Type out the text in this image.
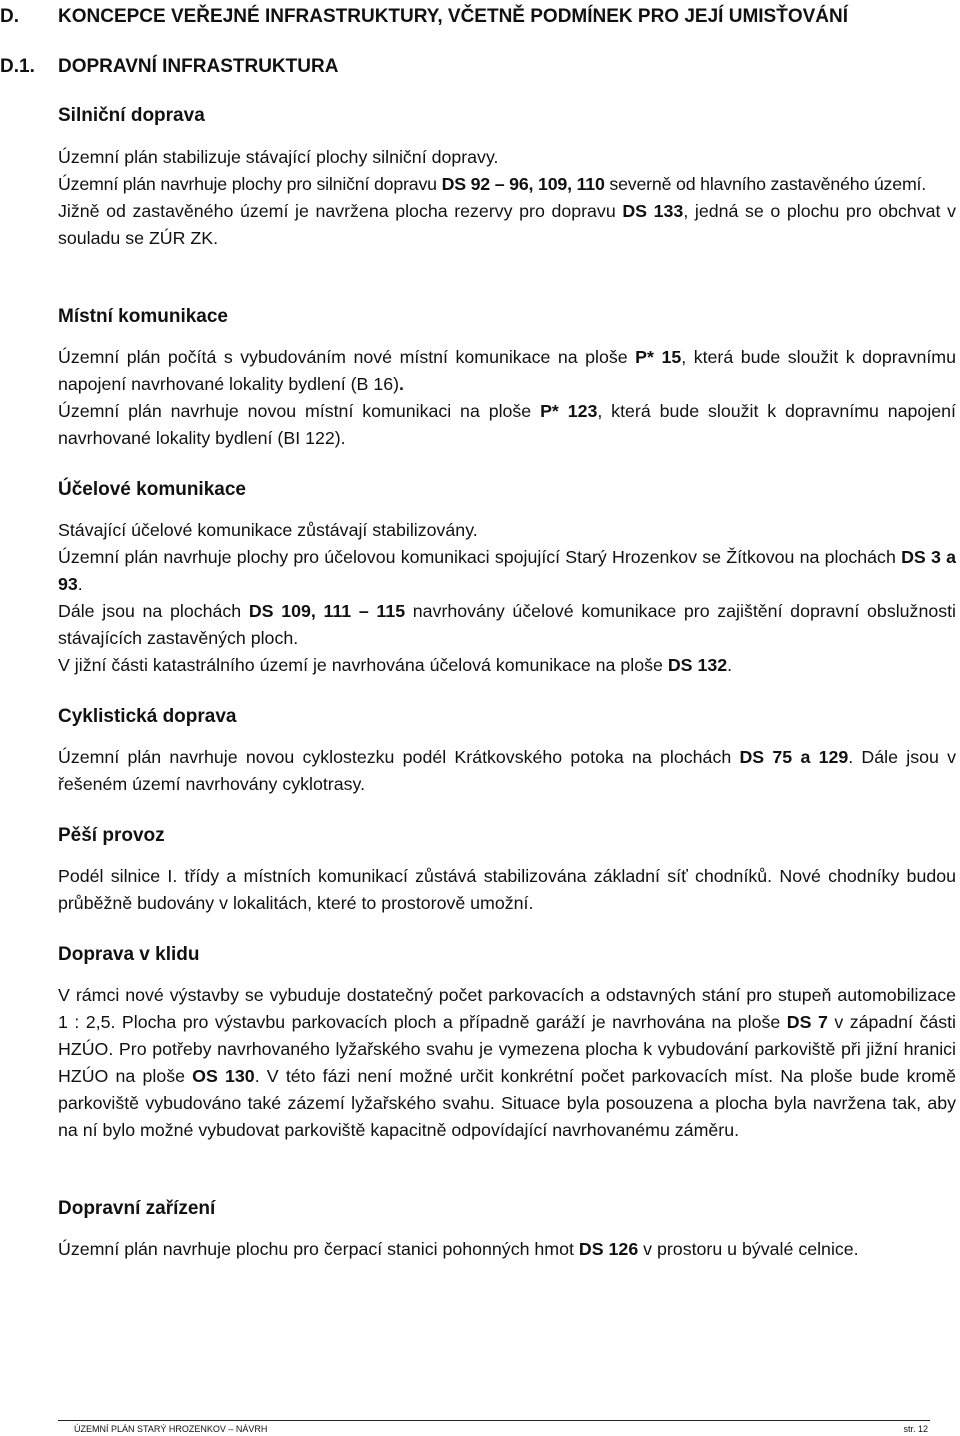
D. KONCEPCE VEŘEJNÉ INFRASTRUKTURY, VČETNĚ PODMÍNEK PRO JEJÍ UMISŤOVÁNÍ
D.1. DOPRAVNÍ INFRASTRUKTURA
Silniční doprava

Územní plán stabilizuje stávající plochy silniční dopravy.

Územní plán navrhuje plochy pro silniční dopravu DS 92 – 96, 109, 110 severně od hlavního zastavěného území.

Jižně od zastavěného území je navržena plocha rezervy pro dopravu DS 133, jedná se o plochu pro obchvat v souladu se ZÚR ZK.

Místní komunikace

Územní plán počítá s vybudováním nové místní komunikace na ploše P* 15, která bude sloužit k dopravnímu napojení navrhované lokality bydlení (B 16).

Územní plán navrhuje novou místní komunikaci na ploše P* 123, která bude sloužit k dopravnímu napojení navrhované lokality bydlení (BI 122).

Účelové komunikace

Stávající účelové komunikace zůstávají stabilizovány.

Územní plán navrhuje plochy pro účelovou komunikaci spojující Starý Hrozenkov se Žítkovou na plochách DS 3 a 93.

Dále jsou na plochách DS 109, 111 – 115 navrhovány účelové komunikace pro zajištění dopravní obslužnosti stávajících zastavěných ploch.

V jižní části katastrálního území je navrhována účelová komunikace na ploše DS 132.

Cyklistická doprava

Územní plán navrhuje novou cyklostezku podél Krátkovského potoka na plochách DS 75 a 129. Dále jsou v řešeném území navrhovány cyklotrasy.

Pěší provoz

Podél silnice I. třídy a místních komunikací zůstává stabilizována základní síť chodníků. Nové chodníky budou průběžně budovány v lokalitách, které to prostorově umožní.

Doprava v klidu

V rámci nové výstavby se vybuduje dostatečný počet parkovacích a odstavných stání pro stupeň automobilizace 1 : 2,5. Plocha pro výstavbu parkovacích ploch a případně garáží je navrhována na ploše DS 7 v západní části HZÚO. Pro potřeby navrhovaného lyžařského svahu je vymezena plocha k vybudování parkoviště při jižní hranici HZÚO na ploše OS 130. V této fázi není možné určit konkrétní počet parkovacích míst. Na ploše bude kromě parkoviště vybudováno také zázemí lyžařského svahu. Situace byla posouzena a plocha byla navržena tak, aby na ní bylo možné vybudovat parkoviště kapacitně odpovídající navrhovanému záměru.

Dopravní zařízení

Územní plán navrhuje plochu pro čerpací stanici pohonných hmot DS 126 v prostoru u bývalé celnice.

ÚZEMNÍ PLÁN STARÝ HROZENKOV – NÁVRH	str. 12
